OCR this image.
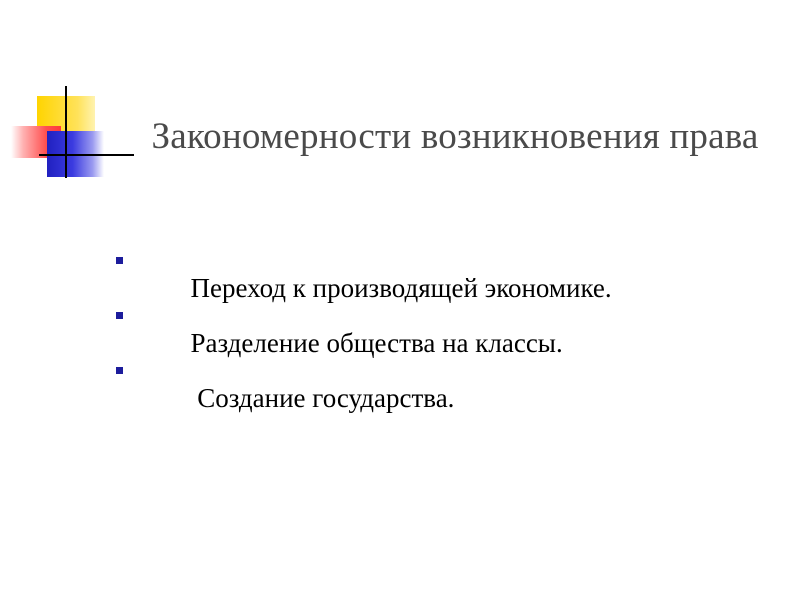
Закономерности возникновения права

Переход к производящей экономике.

Разделение общества на классы.

Создание государства.
